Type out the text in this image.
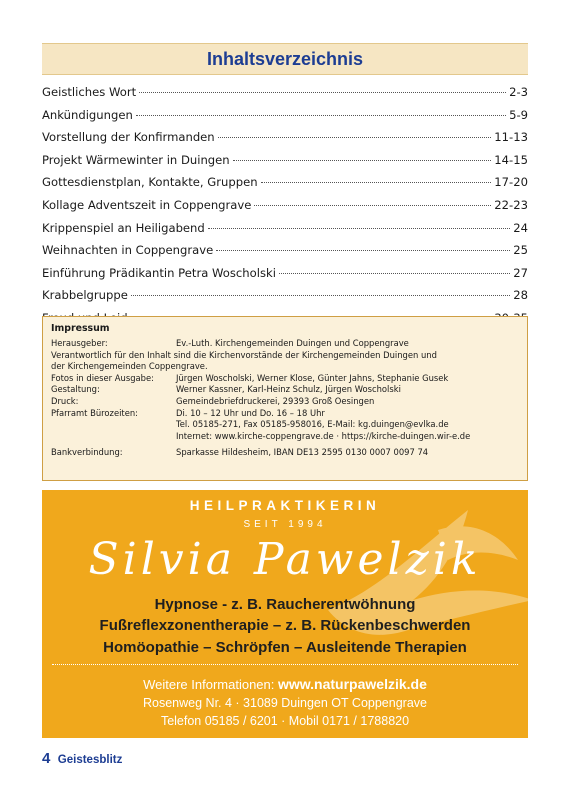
Inhaltsverzeichnis
Geistliches Wort	2-3
Ankündigungen	5-9
Vorstellung der Konfirmanden	11-13
Projekt Wärmewinter in Duingen	14-15
Gottesdienstplan, Kontakte, Gruppen	17-20
Kollage Adventszeit in Coppengrave	22-23
Krippenspiel an Heiligabend	24
Weihnachten in Coppengrave	25
Einführung Prädikantin Petra Woscholski	27
Krabbelgruppe	28
Impressum
Herausgeber:	Ev.-Luth. Kirchengemeinden Duingen und Coppengrave
Verantwortlich für den Inhalt sind die Kirchenvorstände der Kirchengemeinden Duingen und
der Kirchengemeinden Coppengrave.
Fotos in dieser Ausgabe:	Jürgen Woscholski, Werner Klose, Günter Jahns, Stephanie Gusek
Gestaltung:	Werner Kassner, Karl-Heinz Schulz, Jürgen Woscholski
Druck:	Gemeindebriefdruckerei, 29393 Groß Oesingen
Pfarramt Bürozeiten:	Di. 10 – 12 Uhr und Do. 16 – 18 Uhr
Tel. 05185-271, Fax 05185-958016, E-Mail: kg.duingen@evlka.de
Internet: www.kirche-coppengrave.de · https://kirche-duingen.wir-e.de
Bankverbindung:	Sparkasse Hildesheim, IBAN DE13 2595 0130 0007 0097 74
HEILPRAKTIKERIN
SEIT 1994
Silvia Pawelzik
Hypnose - z. B. Raucherentwöhnung
Fußreflexzonentherapie – z. B. Rückenbeschwerden
Homöopathie – Schröpfen – Ausleitende Therapien
Weitere Informationen: www.naturpawelzik.de
Rosenweg Nr. 4 · 31089 Duingen OT Coppengrave
Telefon 05185 / 6201 · Mobil 0171 / 1788820
4 Geistesblitz
